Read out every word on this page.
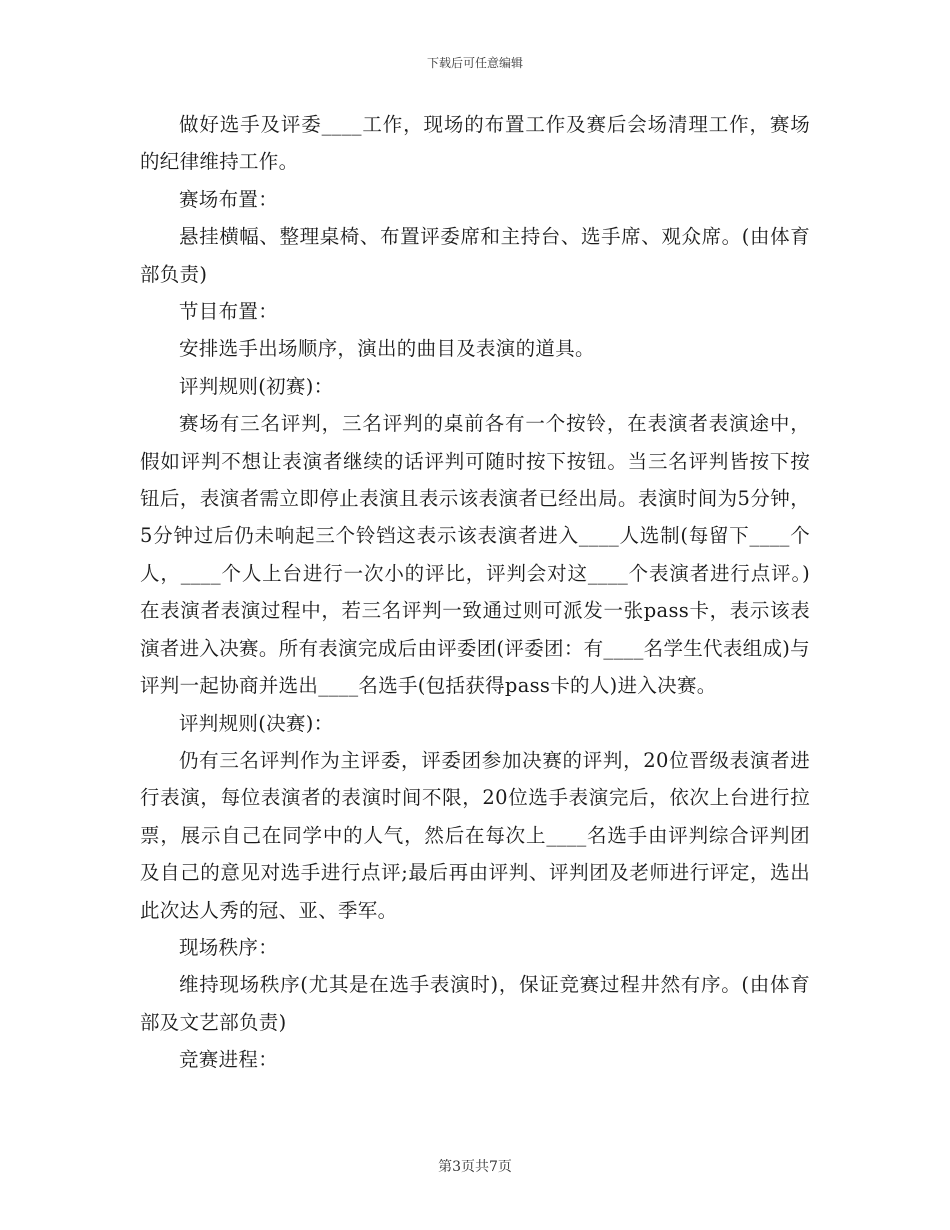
下载后可任意编辑

做好选手及评委____工作，现场的布置工作及赛后会场清理工作，赛场的纪律维持工作。

赛场布置：

悬挂横幅、整理桌椅、布置评委席和主持台、选手席、观众席。(由体育部负责)

节目布置：

安排选手出场顺序，演出的曲目及表演的道具。

评判规则(初赛)：

赛场有三名评判，三名评判的桌前各有一个按铃，在表演者表演途中，假如评判不想让表演者继续的话评判可随时按下按钮。当三名评判皆按下按钮后，表演者需立即停止表演且表示该表演者已经出局。表演时间为5分钟，5分钟过后仍未响起三个铃铛这表示该表演者进入____人选制(每留下____个人，____个人上台进行一次小的评比，评判会对这____个表演者进行点评。)在表演者表演过程中，若三名评判一致通过则可派发一张pass卡，表示该表演者进入决赛。所有表演完成后由评委团(评委团：有____名学生代表组成)与评判一起协商并选出____名选手(包括获得pass卡的人)进入决赛。

评判规则(决赛)：

仍有三名评判作为主评委，评委团参加决赛的评判，20位晋级表演者进行表演，每位表演者的表演时间不限，20位选手表演完后，依次上台进行拉票，展示自己在同学中的人气，然后在每次上____名选手由评判综合评判团及自己的意见对选手进行点评;最后再由评判、评判团及老师进行评定，选出此次达人秀的冠、亚、季军。

现场秩序：

维持现场秩序(尤其是在选手表演时)，保证竞赛过程井然有序。(由体育部及文艺部负责)

竞赛进程：

第3页共7页
